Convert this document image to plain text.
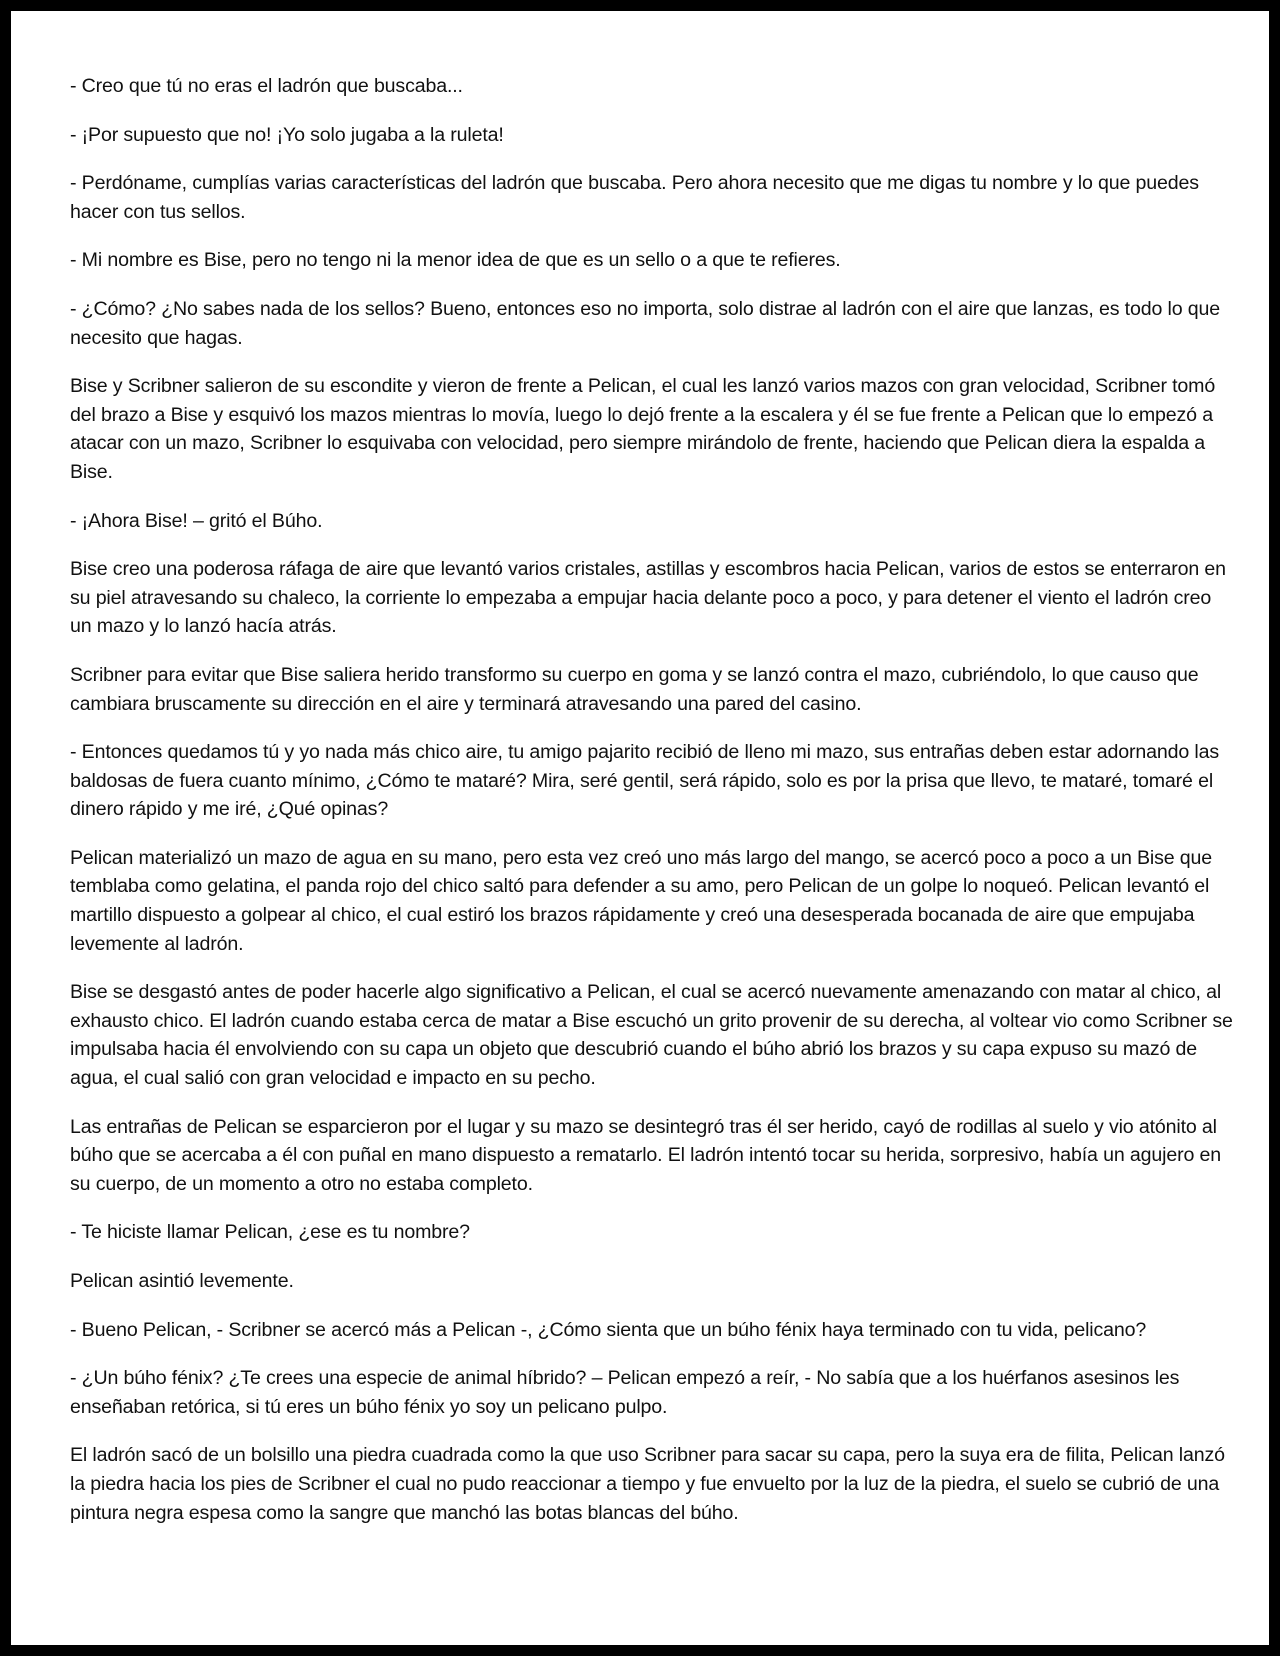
- Creo que tú no eras el ladrón que buscaba...

- ¡Por supuesto que no! ¡Yo solo jugaba a la ruleta!

- Perdóname, cumplías varias características del ladrón que buscaba. Pero ahora necesito que me digas tu nombre y lo que puedes hacer con tus sellos.

- Mi nombre es Bise, pero no tengo ni la menor idea de que es un sello o a que te refieres.

- ¿Cómo? ¿No sabes nada de los sellos? Bueno, entonces eso no importa, solo distrae al ladrón con el aire que lanzas, es todo lo que necesito que hagas.

Bise y Scribner salieron de su escondite y vieron de frente a Pelican, el cual les lanzó varios mazos con gran velocidad, Scribner tomó del brazo a Bise y esquivó los mazos mientras lo movía, luego lo dejó frente a la escalera y él se fue frente a Pelican que lo empezó a atacar con un mazo, Scribner lo esquivaba con velocidad, pero siempre mirándolo de frente, haciendo que Pelican diera la espalda a Bise.

- ¡Ahora Bise! – gritó el Búho.

Bise creo una poderosa ráfaga de aire que levantó varios cristales, astillas y escombros hacia Pelican, varios de estos se enterraron en su piel atravesando su chaleco, la corriente lo empezaba a empujar hacia delante poco a poco, y para detener el viento el ladrón creo un mazo y lo lanzó hacía atrás.

Scribner para evitar que Bise saliera herido transformo su cuerpo en goma y se lanzó contra el mazo, cubriéndolo, lo que causo que cambiara bruscamente su dirección en el aire y terminará atravesando una pared del casino.

- Entonces quedamos tú y yo nada más chico aire, tu amigo pajarito recibió de lleno mi mazo, sus entrañas deben estar adornando las baldosas de fuera cuanto mínimo, ¿Cómo te mataré? Mira, seré gentil, será rápido, solo es por la prisa que llevo, te mataré, tomaré el dinero rápido y me iré, ¿Qué opinas?

Pelican materializó un mazo de agua en su mano, pero esta vez creó uno más largo del mango, se acercó poco a poco a un Bise que temblaba como gelatina, el panda rojo del chico saltó para defender a su amo, pero Pelican de un golpe lo noqueó. Pelican levantó el martillo dispuesto a golpear al chico, el cual estiró los brazos rápidamente y creó una desesperada bocanada de aire que empujaba levemente al ladrón.

Bise se desgastó antes de poder hacerle algo significativo a Pelican, el cual se acercó nuevamente amenazando con matar al chico, al exhausto chico. El ladrón cuando estaba cerca de matar a Bise escuchó un grito provenir de su derecha, al voltear vio como Scribner se impulsaba hacia él envolviendo con su capa un objeto que descubrió cuando el búho abrió los brazos y su capa expuso su mazó de agua, el cual salió con gran velocidad e impacto en su pecho.

Las entrañas de Pelican se esparcieron por el lugar y su mazo se desintegró tras él ser herido, cayó de rodillas al suelo y vio atónito al búho que se acercaba a él con puñal en mano dispuesto a rematarlo. El ladrón intentó tocar su herida, sorpresivo, había un agujero en su cuerpo, de un momento a otro no estaba completo.

- Te hiciste llamar Pelican, ¿ese es tu nombre?

Pelican asintió levemente.

- Bueno Pelican, - Scribner se acercó más a Pelican -, ¿Cómo sienta que un búho fénix haya terminado con tu vida, pelicano?

- ¿Un búho fénix? ¿Te crees una especie de animal híbrido? – Pelican empezó a reír, - No sabía que a los huérfanos asesinos les enseñaban retórica, si tú eres un búho fénix yo soy un pelicano pulpo.

El ladrón sacó de un bolsillo una piedra cuadrada como la que uso Scribner para sacar su capa, pero la suya era de filita, Pelican lanzó la piedra hacia los pies de Scribner el cual no pudo reaccionar a tiempo y fue envuelto por la luz de la piedra, el suelo se cubrió de una pintura negra espesa como la sangre que manchó las botas blancas del búho.
